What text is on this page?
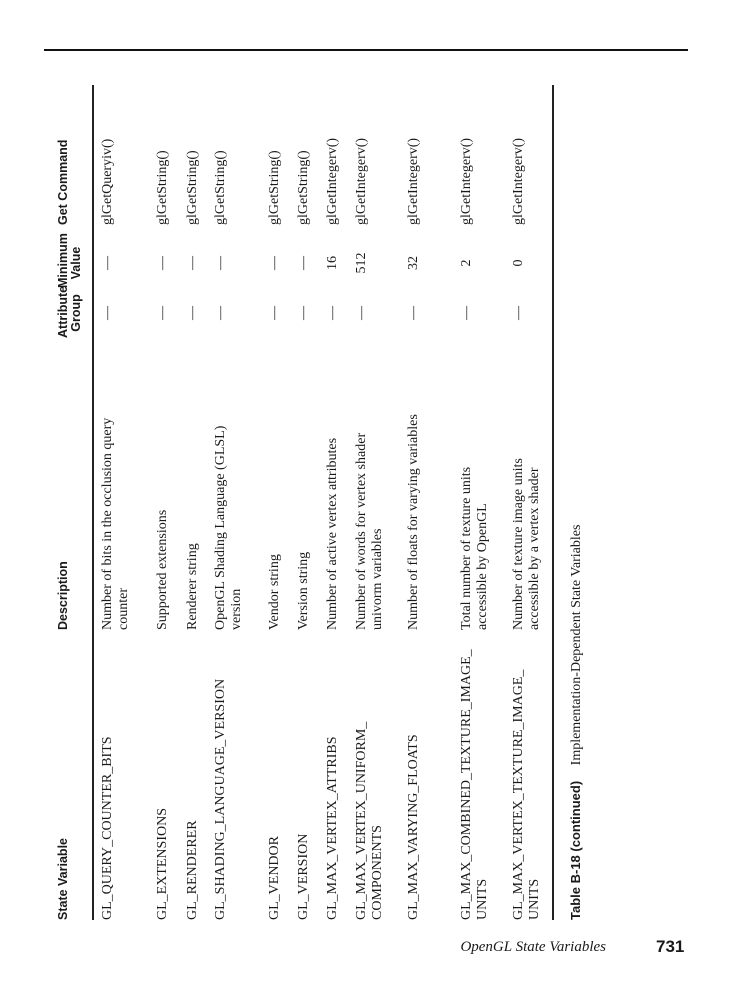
State Variable
Description
Attribute Group
Minimum Value
Get Command
GL_QUERY_COUNTER_BITS
Number of bits in the occlusion query counter
—
—
glGetQueryiv()
GL_EXTENSIONS
Supported extensions
—
—
glGetString()
GL_RENDERER
Renderer string
—
—
glGetString()
GL_SHADING_LANGUAGE_VERSION
OpenGL Shading Language (GLSL) version
—
—
glGetString()
GL_VENDOR
Vendor string
—
—
glGetString()
GL_VERSION
Version string
—
—
glGetString()
GL_MAX_VERTEX_ATTRIBS
Number of active vertex attributes
—
16
glGetIntegerv()
GL_MAX_VERTEX_UNIFORM_ COMPONENTS
Number of words for vertex shader univorm variables
—
512
glGetIntegerv()
GL_MAX_VARYING_FLOATS
Number of floats for varying variables
—
32
glGetIntegerv()
GL_MAX_COMBINED_TEXTURE_IMAGE_ UNITS
Total number of texture units accessible by OpenGL
—
2
glGetIntegerv()
GL_MAX_VERTEX_TEXTURE_IMAGE_ UNITS
Number of texture image units accessible by a vertex shader
—
0
glGetIntegerv()
Table B-18 (continued) Implementation-Dependent State Variables
OpenGL State Variables	731
